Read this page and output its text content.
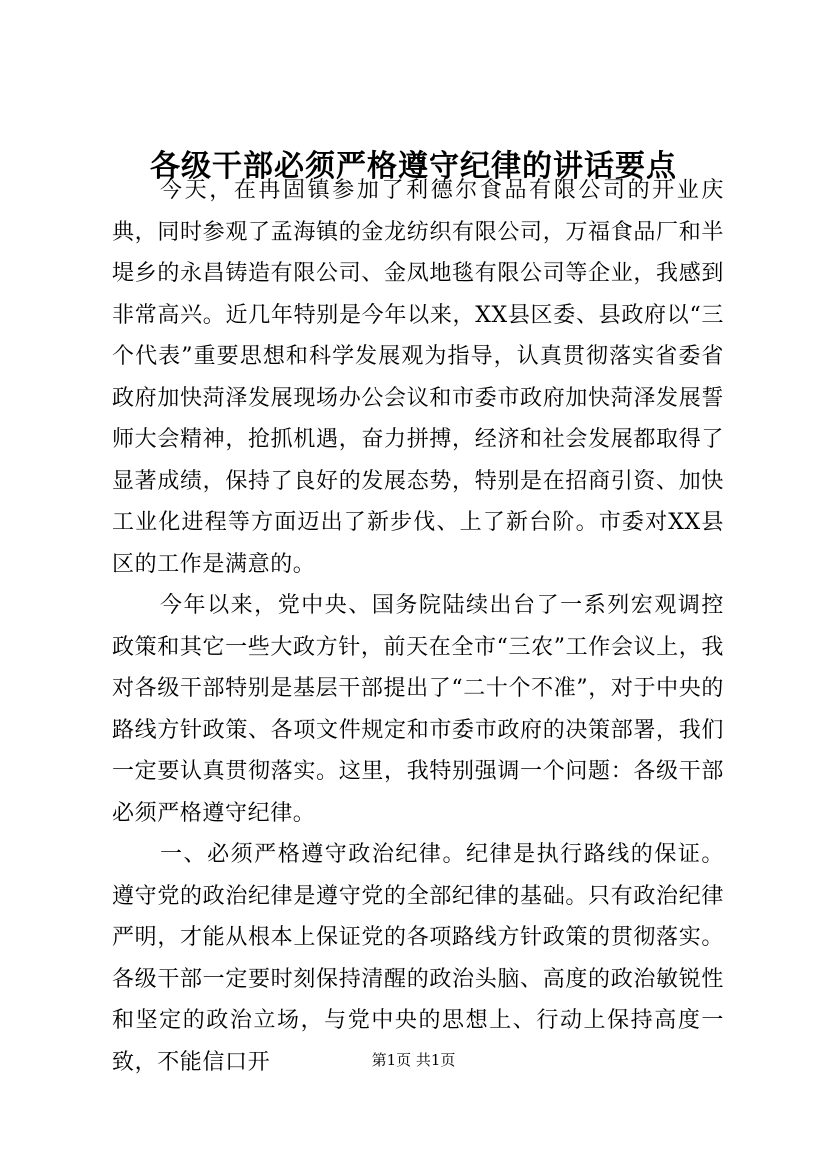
各级干部必须严格遵守纪律的讲话要点

今天，在冉固镇参加了利德尔食品有限公司的开业庆典，同时参观了孟海镇的金龙纺织有限公司，万福食品厂和半堤乡的永昌铸造有限公司、金凤地毯有限公司等企业，我感到非常高兴。近几年特别是今年以来，XX县区委、县政府以“三个代表”重要思想和科学发展观为指导，认真贯彻落实省委省政府加快菏泽发展现场办公会议和市委市政府加快菏泽发展誓师大会精神，抢抓机遇，奋力拼搏，经济和社会发展都取得了显著成绩，保持了良好的发展态势，特别是在招商引资、加快工业化进程等方面迈出了新步伐、上了新台阶。市委对XX县区的工作是满意的。

今年以来，党中央、国务院陆续出台了一系列宏观调控政策和其它一些大政方针，前天在全市“三农”工作会议上，我对各级干部特别是基层干部提出了“二十个不准”，对于中央的路线方针政策、各项文件规定和市委市政府的决策部署，我们一定要认真贯彻落实。这里，我特别强调一个问题：各级干部必须严格遵守纪律。

一、必须严格遵守政治纪律。纪律是执行路线的保证。遵守党的政治纪律是遵守党的全部纪律的基础。只有政治纪律严明，才能从根本上保证党的各项路线方针政策的贯彻落实。各级干部一定要时刻保持清醒的政治头脑、高度的政治敏锐性和坚定的政治立场，与党中央的思想上、行动上保持高度一致，不能信口开	第1页 共1页
